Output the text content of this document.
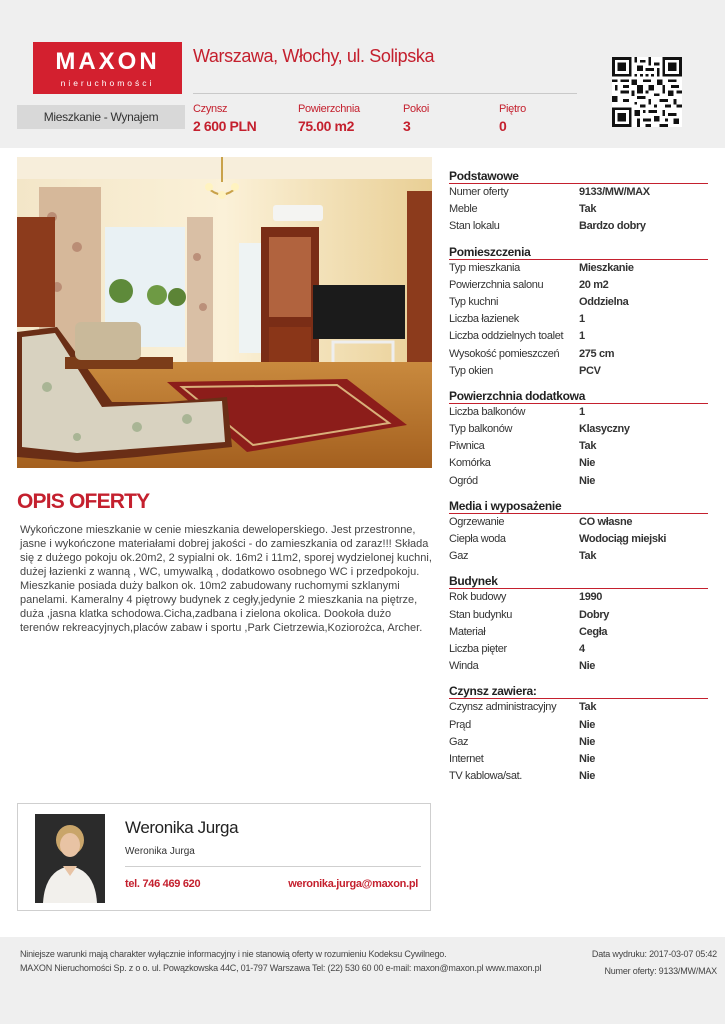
MAXON
nieruchomości
Warszawa, Włochy, ul. Solipska
Mieszkanie - Wynajem
Czynsz
2 600 PLN
Powierzchnia
75.00 m2
Pokoi
3
Piętro
0
OPIS OFERTY
Wykończone mieszkanie w cenie mieszkania deweloperskiego. Jest przestronne, jasne i wykończone materiałami dobrej jakości - do zamieszkania od zaraz!!! Składa się z dużego pokoju ok.20m2, 2 sypialni ok. 16m2 i 11m2, sporej wydzielonej kuchni, dużej łazienki z wanną , WC, umywalką , dodatkowo osobnego WC i przedpokoju. Mieszkanie posiada duży balkon ok. 10m2 zabudowany ruchomymi szklanymi panelami. Kameralny 4 piętrowy budynek z cegły,jedynie 2 mieszkania na piętrze, duża ,jasna klatka schodowa.Cicha,zadbana i zielona okolica. Dookoła dużo terenów rekreacyjnych,placów zabaw i sportu ,Park Cietrzewia,Koziorożca, Archer.
Podstawowe
Numer oferty	9133/MW/MAX
Meble	Tak
Stan lokalu	Bardzo dobry
Pomieszczenia
Typ mieszkania	Mieszkanie
Powierzchnia salonu	20 m2
Typ kuchni	Oddzielna
Liczba łazienek	1
Liczba oddzielnych toalet	1
Wysokość pomieszczeń	275 cm
Typ okien	PCV
Powierzchnia dodatkowa
Liczba balkonów	1
Typ balkonów	Klasyczny
Piwnica	Tak
Komórka	Nie
Ogród	Nie
Media i wyposażenie
Ogrzewanie	CO własne
Ciepła woda	Wodociąg miejski
Gaz	Tak
Budynek
Rok budowy	1990
Stan budynku	Dobry
Materiał	Cegła
Liczba pięter	4
Winda	Nie
Czynsz zawiera:
Czynsz administracyjny	Tak
Prąd	Nie
Gaz	Nie
Internet	Nie
TV kablowa/sat.	Nie
Weronika Jurga
Weronika Jurga
tel. 746 469 620	weronika.jurga@maxon.pl
Niniejsze warunki mają charakter wyłącznie informacyjny i nie stanowią oferty w rozumieniu Kodeksu Cywilnego.
MAXON Nieruchomości Sp. z o o. ul. Powązkowska 44C, 01-797 Warszawa Tel: (22) 530 60 00 e-mail: maxon@maxon.pl www.maxon.pl
Data wydruku: 2017-03-07 05:42
Numer oferty: 9133/MW/MAX
